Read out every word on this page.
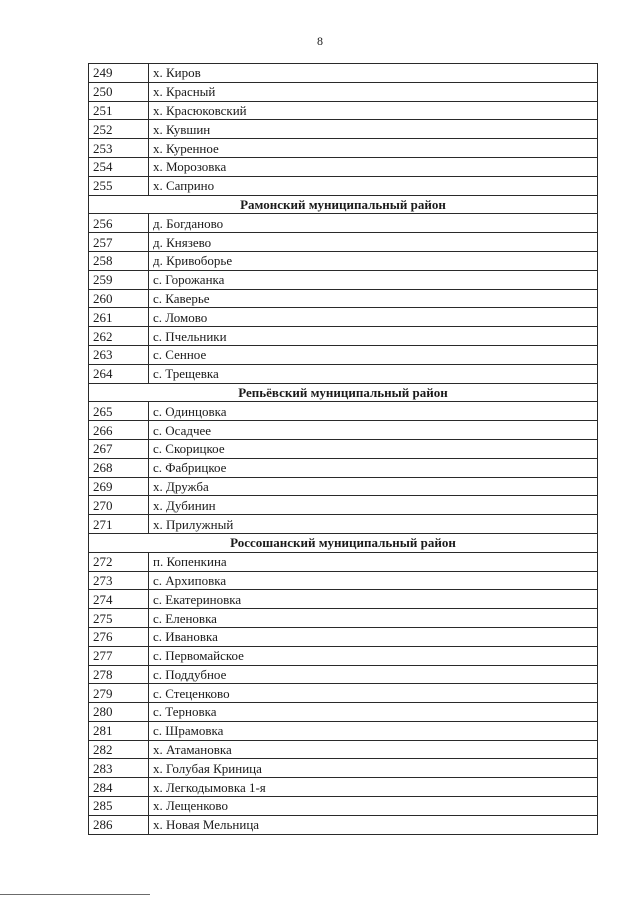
8
249	х. Киров
250	х. Красный
251	х. Красюковский
252	х. Кувшин
253	х. Куренное
254	х. Морозовка
255	х. Саприно
Рамонский муниципальный район	
256	д. Богданово
257	д. Князево
258	д. Кривоборье
259	с. Горожанка
260	с. Каверье
261	с. Ломово
262	с. Пчельники
263	с. Сенное
264	с. Трещевка
Репьёвский муниципальный район	
265	с. Одинцовка
266	с. Осадчее
267	с. Скорицкое
268	с. Фабрицкое
269	х. Дружба
270	х. Дубинин
271	х. Прилужный
Россошанский муниципальный район	
272	п. Копенкина
273	с. Архиповка
274	с. Екатериновка
275	с. Еленовка
276	с. Ивановка
277	с. Первомайское
278	с. Поддубное
279	с. Стеценково
280	с. Терновка
281	с. Шрамовка
282	х. Атамановка
283	х. Голубая Криница
284	х. Легкодымовка 1-я
285	х. Лещенково
286	х. Новая Мельница
